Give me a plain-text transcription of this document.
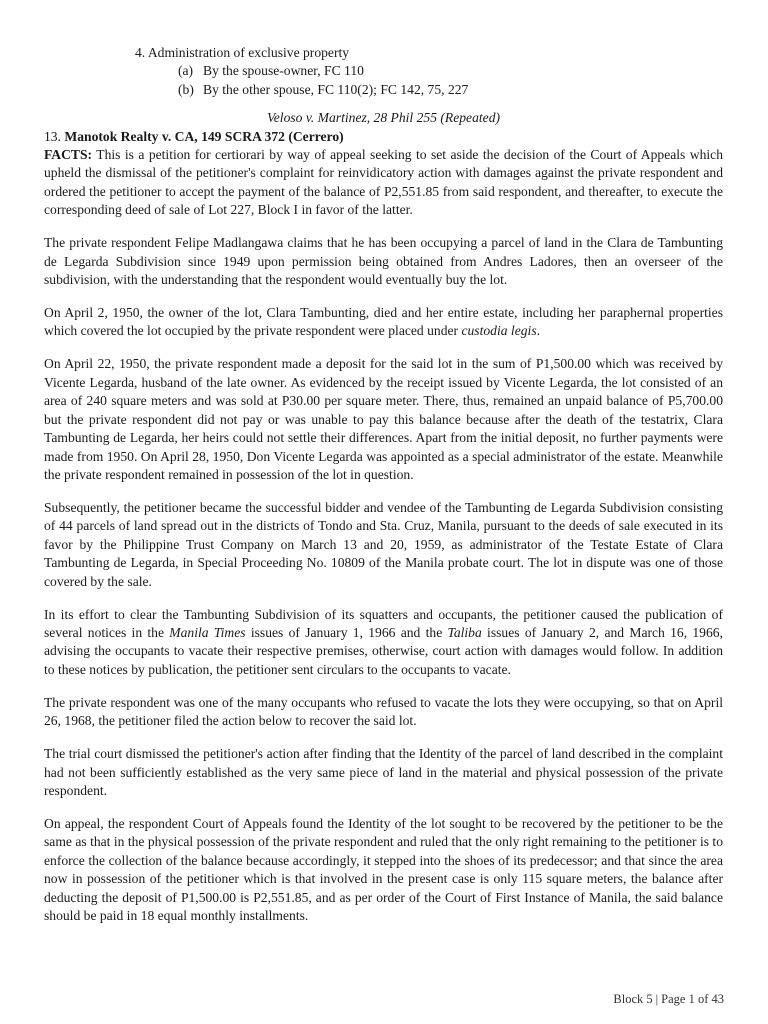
4. Administration of exclusive property
(a) By the spouse-owner, FC 110
(b) By the other spouse, FC 110(2); FC 142, 75, 227
Veloso v. Martinez, 28 Phil 255 (Repeated)
13. Manotok Realty v. CA, 149 SCRA 372 (Cerrero)

FACTS: This is a petition for certiorari by way of appeal seeking to set aside the decision of the Court of Appeals which upheld the dismissal of the petitioner's complaint for reinvidicatory action with damages against the private respondent and ordered the petitioner to accept the payment of the balance of P2,551.85 from said respondent, and thereafter, to execute the corresponding deed of sale of Lot 227, Block I in favor of the latter.

The private respondent Felipe Madlangawa claims that he has been occupying a parcel of land in the Clara de Tambunting de Legarda Subdivision since 1949 upon permission being obtained from Andres Ladores, then an overseer of the subdivision, with the understanding that the respondent would eventually buy the lot.

On April 2, 1950, the owner of the lot, Clara Tambunting, died and her entire estate, including her paraphernal properties which covered the lot occupied by the private respondent were placed under custodia legis.

On April 22, 1950, the private respondent made a deposit for the said lot in the sum of P1,500.00 which was received by Vicente Legarda, husband of the late owner. As evidenced by the receipt issued by Vicente Legarda, the lot consisted of an area of 240 square meters and was sold at P30.00 per square meter. There, thus, remained an unpaid balance of P5,700.00 but the private respondent did not pay or was unable to pay this balance because after the death of the testatrix, Clara Tambunting de Legarda, her heirs could not settle their differences. Apart from the initial deposit, no further payments were made from 1950. On April 28, 1950, Don Vicente Legarda was appointed as a special administrator of the estate. Meanwhile the private respondent remained in possession of the lot in question.

Subsequently, the petitioner became the successful bidder and vendee of the Tambunting de Legarda Subdivision consisting of 44 parcels of land spread out in the districts of Tondo and Sta. Cruz, Manila, pursuant to the deeds of sale executed in its favor by the Philippine Trust Company on March 13 and 20, 1959, as administrator of the Testate Estate of Clara Tambunting de Legarda, in Special Proceeding No. 10809 of the Manila probate court. The lot in dispute was one of those covered by the sale.

In its effort to clear the Tambunting Subdivision of its squatters and occupants, the petitioner caused the publication of several notices in the Manila Times issues of January 1, 1966 and the Taliba issues of January 2, and March 16, 1966, advising the occupants to vacate their respective premises, otherwise, court action with damages would follow. In addition to these notices by publication, the petitioner sent circulars to the occupants to vacate.

The private respondent was one of the many occupants who refused to vacate the lots they were occupying, so that on April 26, 1968, the petitioner filed the action below to recover the said lot.

The trial court dismissed the petitioner's action after finding that the Identity of the parcel of land described in the complaint had not been sufficiently established as the very same piece of land in the material and physical possession of the private respondent.

On appeal, the respondent Court of Appeals found the Identity of the lot sought to be recovered by the petitioner to be the same as that in the physical possession of the private respondent and ruled that the only right remaining to the petitioner is to enforce the collection of the balance because accordingly, it stepped into the shoes of its predecessor; and that since the area now in possession of the petitioner which is that involved in the present case is only 115 square meters, the balance after deducting the deposit of P1,500.00 is P2,551.85, and as per order of the Court of First Instance of Manila, the said balance should be paid in 18 equal monthly installments.

Block 5 | Page 1 of 43
